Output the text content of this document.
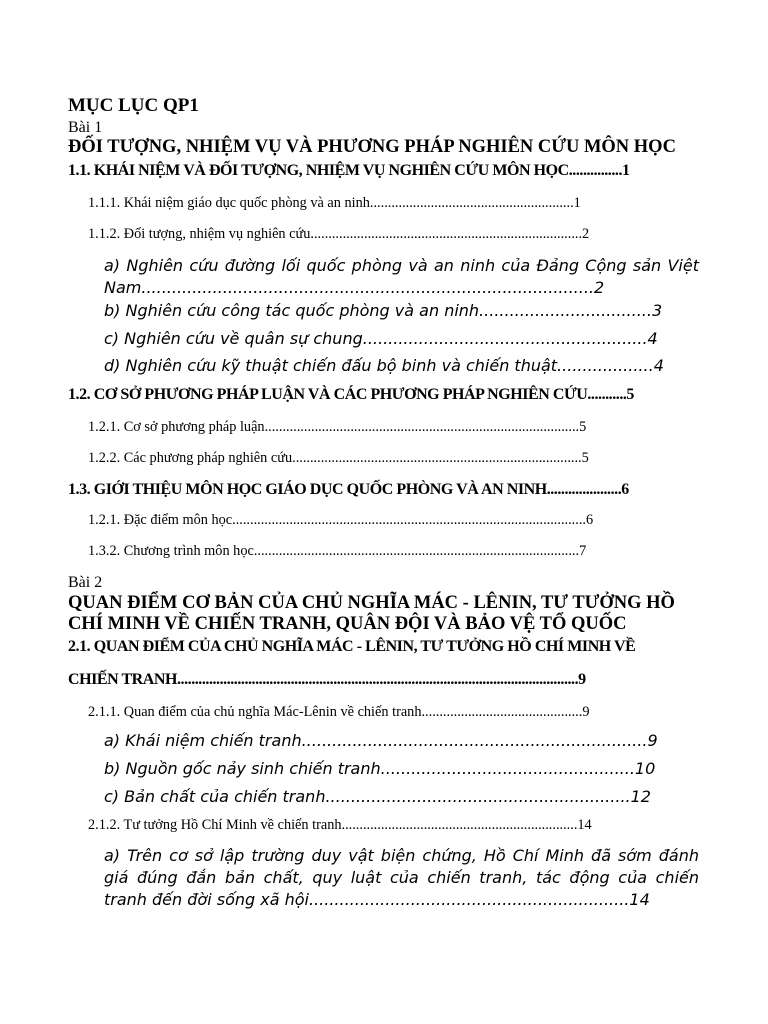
MỤC LỤC QP1
Bài 1
ĐỐI TƯỢNG, NHIỆM VỤ VÀ PHƯƠNG PHÁP NGHIÊN CỨU MÔN HỌC
1.1. KHÁI NIỆM VÀ ĐỐI TƯỢNG, NHIỆM VỤ NGHIÊN CỨU MÔN HỌC...............1
1.1.1. Khái niệm giáo dục quốc phòng và an ninh.........................................................1
1.1.2. Đối tượng, nhiệm vụ nghiên cứu............................................................................2
a) Nghiên cứu đường lối quốc phòng và an ninh của Đảng Cộng sản Việt Nam.........................................................................................2
b) Nghiên cứu công tác quốc phòng và an ninh..................................3
c) Nghiên cứu về quân sự chung........................................................4
d) Nghiên cứu kỹ thuật chiến đấu bộ binh và chiến thuật...................4
1.2. CƠ SỞ PHƯƠNG PHÁP LUẬN VÀ CÁC PHƯƠNG PHÁP NGHIÊN CỨU...........5
1.2.1. Cơ sở phương pháp luận........................................................................................5
1.2.2. Các phương pháp nghiên cứu.................................................................................5
1.3. GIỚI THIỆU MÔN HỌC GIÁO DỤC QUỐC PHÒNG VÀ AN NINH.....................6
1.2.1. Đặc điểm môn học...................................................................................................6
1.3.2. Chương trình môn học...........................................................................................7
Bài 2
QUAN ĐIỂM CƠ BẢN CỦA CHỦ NGHĨA MÁC - LÊNIN, TƯ TƯỞNG HỒ
CHÍ MINH VỀ CHIẾN TRANH, QUÂN ĐỘI VÀ BẢO VỆ TỔ QUỐC
2.1. QUAN ĐIỂM CỦA CHỦ NGHĨA MÁC - LÊNIN, TƯ TƯỞNG HỒ CHÍ MINH VỀ
CHIẾN TRANH.................................................................................................................9
2.1.1. Quan điểm của chủ nghĩa Mác-Lênin về chiến tranh.............................................9
a) Khái niệm chiến tranh....................................................................9
b) Nguồn gốc nảy sinh chiến tranh..................................................10
c) Bản chất của chiến tranh............................................................12
2.1.2. Tư tưởng Hồ Chí Minh về chiến tranh..................................................................14
a) Trên cơ sở lập trường duy vật biện chứng, Hồ Chí Minh đã sớm đánh giá đúng đắn bản chất, quy luật của chiến tranh, tác động của chiến tranh đến đời sống xã hội...............................................................14
